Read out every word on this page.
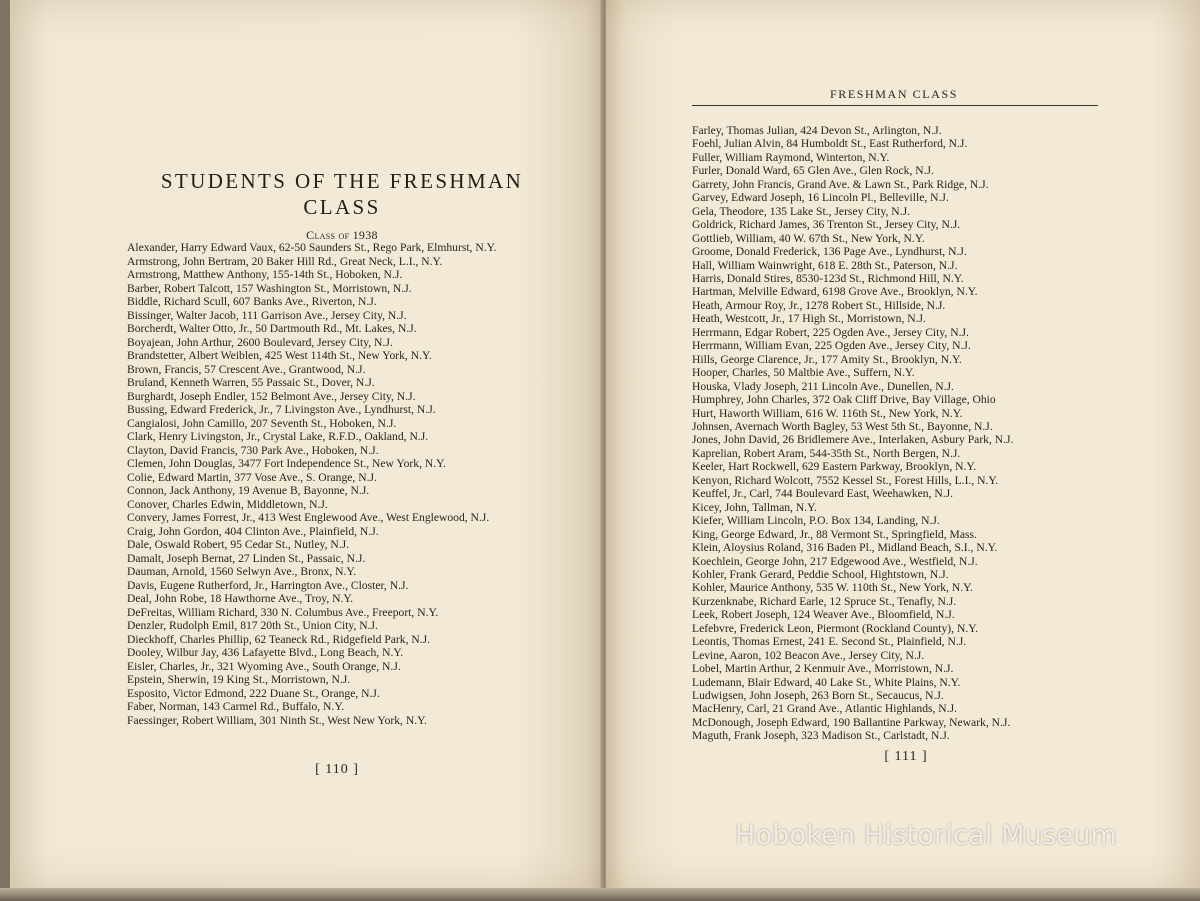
STUDENTS OF THE FRESHMAN CLASS
Class of 1938
Alexander, Harry Edward Vaux, 62-50 Saunders St., Rego Park, Elmhurst, N.Y.
Armstrong, John Bertram, 20 Baker Hill Rd., Great Neck, L.I., N.Y.
Armstrong, Matthew Anthony, 155-14th St., Hoboken, N.J.
Barber, Robert Talcott, 157 Washington St., Morristown, N.J.
Biddle, Richard Scull, 607 Banks Ave., Riverton, N.J.
Bissinger, Walter Jacob, 111 Garrison Ave., Jersey City, N.J.
Borcherdt, Walter Otto, Jr., 50 Dartmouth Rd., Mt. Lakes, N.J.
Boyajean, John Arthur, 2600 Boulevard, Jersey City, N.J.
Brandstetter, Albert Weiblen, 425 West 114th St., New York, N.Y.
Brown, Francis, 57 Crescent Ave., Grantwood, N.J.
Bruland, Kenneth Warren, 55 Passaic St., Dover, N.J.
Burghardt, Joseph Endler, 152 Belmont Ave., Jersey City, N.J.
Bussing, Edward Frederick, Jr., 7 Livingston Ave., Lyndhurst, N.J.
Cangialosi, John Camillo, 207 Seventh St., Hoboken, N.J.
Clark, Henry Livingston, Jr., Crystal Lake, R.F.D., Oakland, N.J.
Clayton, David Francis, 730 Park Ave., Hoboken, N.J.
Clemen, John Douglas, 3477 Fort Independence St., New York, N.Y.
Colie, Edward Martin, 377 Vose Ave., S. Orange, N.J.
Connon, Jack Anthony, 19 Avenue B, Bayonne, N.J.
Conover, Charles Edwin, Middletown, N.J.
Convery, James Forrest, Jr., 413 West Englewood Ave., West Englewood, N.J.
Craig, John Gordon, 404 Clinton Ave., Plainfield, N.J.
Dale, Oswald Robert, 95 Cedar St., Nutley, N.J.
Damalt, Joseph Bernat, 27 Linden St., Passaic, N.J.
Dauman, Arnold, 1560 Selwyn Ave., Bronx, N.Y.
Davis, Eugene Rutherford, Jr., Harrington Ave., Closter, N.J.
Deal, John Robe, 18 Hawthorne Ave., Troy, N.Y.
DeFreitas, William Richard, 330 N. Columbus Ave., Freeport, N.Y.
Denzler, Rudolph Emil, 817 20th St., Union City, N.J.
Dieckhoff, Charles Phillip, 62 Teaneck Rd., Ridgefield Park, N.J.
Dooley, Wilbur Jay, 436 Lafayette Blvd., Long Beach, N.Y.
Eisler, Charles, Jr., 321 Wyoming Ave., South Orange, N.J.
Epstein, Sherwin, 19 King St., Morristown, N.J.
Esposito, Victor Edmond, 222 Duane St., Orange, N.J.
Faber, Norman, 143 Carmel Rd., Buffalo, N.Y.
Faessinger, Robert William, 301 Ninth St., West New York, N.Y.
[ 110 ]
FRESHMAN CLASS
Farley, Thomas Julian, 424 Devon St., Arlington, N.J.
Foehl, Julian Alvin, 84 Humboldt St., East Rutherford, N.J.
Fuller, William Raymond, Winterton, N.Y.
Furler, Donald Ward, 65 Glen Ave., Glen Rock, N.J.
Garrety, John Francis, Grand Ave. & Lawn St., Park Ridge, N.J.
Garvey, Edward Joseph, 16 Lincoln Pl., Belleville, N.J.
Gela, Theodore, 135 Lake St., Jersey City, N.J.
Goldrick, Richard James, 36 Trenton St., Jersey City, N.J.
Gottlieb, William, 40 W. 67th St., New York, N.Y.
Groome, Donald Frederick, 136 Page Ave., Lyndhurst, N.J.
Hall, William Wainwright, 618 E. 28th St., Paterson, N.J.
Harris, Donald Stires, 8530-123d St., Richmond Hill, N.Y.
Hartman, Melville Edward, 6198 Grove Ave., Brooklyn, N.Y.
Heath, Armour Roy, Jr., 1278 Robert St., Hillside, N.J.
Heath, Westcott, Jr., 17 High St., Morristown, N.J.
Herrmann, Edgar Robert, 225 Ogden Ave., Jersey City, N.J.
Herrmann, William Evan, 225 Ogden Ave., Jersey City, N.J.
Hills, George Clarence, Jr., 177 Amity St., Brooklyn, N.Y.
Hooper, Charles, 50 Maltbie Ave., Suffern, N.Y.
Houska, Vlady Joseph, 211 Lincoln Ave., Dunellen, N.J.
Humphrey, John Charles, 372 Oak Cliff Drive, Bay Village, Ohio
Hurt, Haworth William, 616 W. 116th St., New York, N.Y.
Johnsen, Avernach Worth Bagley, 53 West 5th St., Bayonne, N.J.
Jones, John David, 26 Bridlemere Ave., Interlaken, Asbury Park, N.J.
Kaprelian, Robert Aram, 544-35th St., North Bergen, N.J.
Keeler, Hart Rockwell, 629 Eastern Parkway, Brooklyn, N.Y.
Kenyon, Richard Wolcott, 7552 Kessel St., Forest Hills, L.I., N.Y.
Keuffel, Jr., Carl, 744 Boulevard East, Weehawken, N.J.
Kicey, John, Tallman, N.Y.
Kiefer, William Lincoln, P.O. Box 134, Landing, N.J.
King, George Edward, Jr., 88 Vermont St., Springfield, Mass.
Klein, Aloysius Roland, 316 Baden Pl., Midland Beach, S.I., N.Y.
Koechlein, George John, 217 Edgewood Ave., Westfield, N.J.
Kohler, Frank Gerard, Peddie School, Hightstown, N.J.
Kohler, Maurice Anthony, 535 W. 110th St., New York, N.Y.
Kurzenknabe, Richard Earle, 12 Spruce St., Tenafly, N.J.
Leek, Robert Joseph, 124 Weaver Ave., Bloomfield, N.J.
Lefebvre, Frederick Leon, Piermont (Rockland County), N.Y.
Leontis, Thomas Ernest, 241 E. Second St., Plainfield, N.J.
Levine, Aaron, 102 Beacon Ave., Jersey City, N.J.
Lobel, Martin Arthur, 2 Kenmuir Ave., Morristown, N.J.
Ludemann, Blair Edward, 40 Lake St., White Plains, N.Y.
Ludwigsen, John Joseph, 263 Born St., Secaucus, N.J.
MacHenry, Carl, 21 Grand Ave., Atlantic Highlands, N.J.
McDonough, Joseph Edward, 190 Ballantine Parkway, Newark, N.J.
Maguth, Frank Joseph, 323 Madison St., Carlstadt, N.J.
[ 111 ]
Hoboken Historical Museum
